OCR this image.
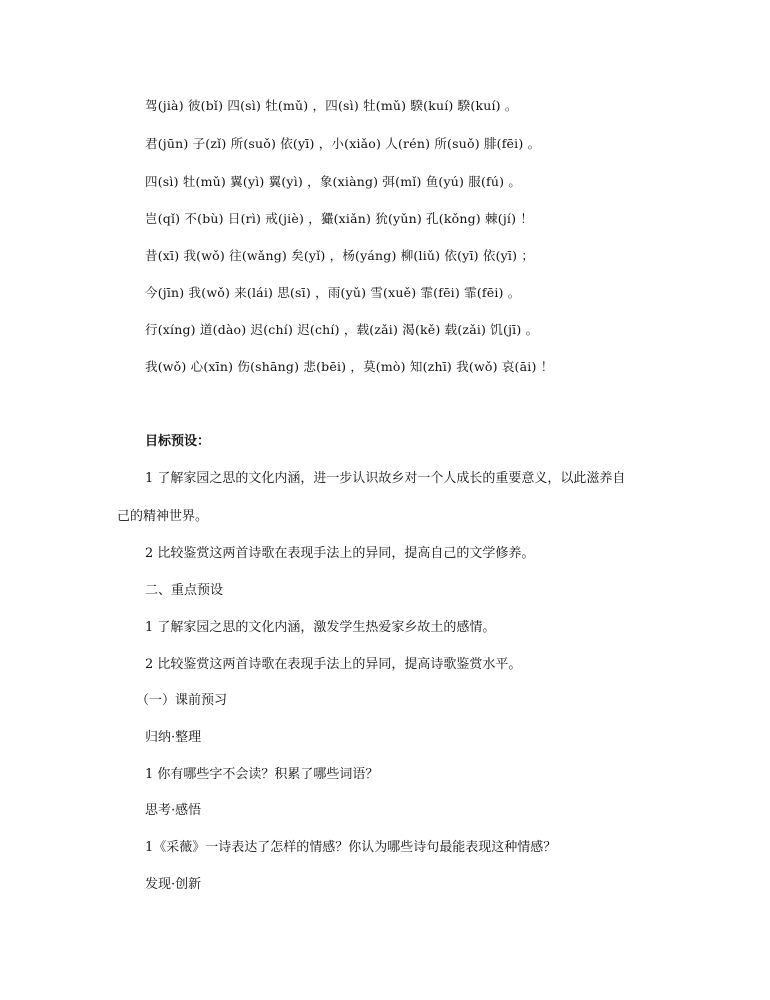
驾(jià) 彼(bǐ) 四(sì) 牡(mǔ) ，四(sì) 牡(mǔ) 騤(kuí) 騤(kuí) 。
君(jūn) 子(zǐ) 所(suǒ) 依(yī) ，小(xiǎo) 人(rén) 所(suǒ) 腓(fēi) 。
四(sì) 牡(mǔ) 翼(yì) 翼(yì) ，象(xiàng) 弭(mǐ) 鱼(yú) 服(fú) 。
岂(qǐ) 不(bù) 日(rì) 戒(jiè) ，玁(xiǎn) 狁(yǔn) 孔(kǒng) 棘(jí) ！
昔(xī) 我(wǒ) 往(wǎng) 矣(yǐ) ，杨(yáng) 柳(liǔ) 依(yī) 依(yī) ；
今(jīn) 我(wǒ) 来(lái) 思(sī) ，雨(yǔ) 雪(xuě) 霏(fēi) 霏(fēi) 。
行(xíng) 道(dào) 迟(chí) 迟(chí) ，载(zǎi) 渴(kě) 载(zǎi) 饥(jī) 。
我(wǒ) 心(xīn) 伤(shāng) 悲(bēi) ，莫(mò) 知(zhī) 我(wǒ) 哀(āi) ！
目标预设：
1 了解家园之思的文化内涵，进一步认识故乡对一个人成长的重要意义，以此滋养自
己的精神世界。
2 比较鉴赏这两首诗歌在表现手法上的异同，提高自己的文学修养。
二、重点预设
1 了解家园之思的文化内涵，激发学生热爱家乡故土的感情。
2 比较鉴赏这两首诗歌在表现手法上的异同，提高诗歌鉴赏水平。
（一）课前预习
归纳·整理
1 你有哪些字不会读？积累了哪些词语？
思考·感悟
1《采薇》一诗表达了怎样的情感？你认为哪些诗句最能表现这种情感？
发现·创新
